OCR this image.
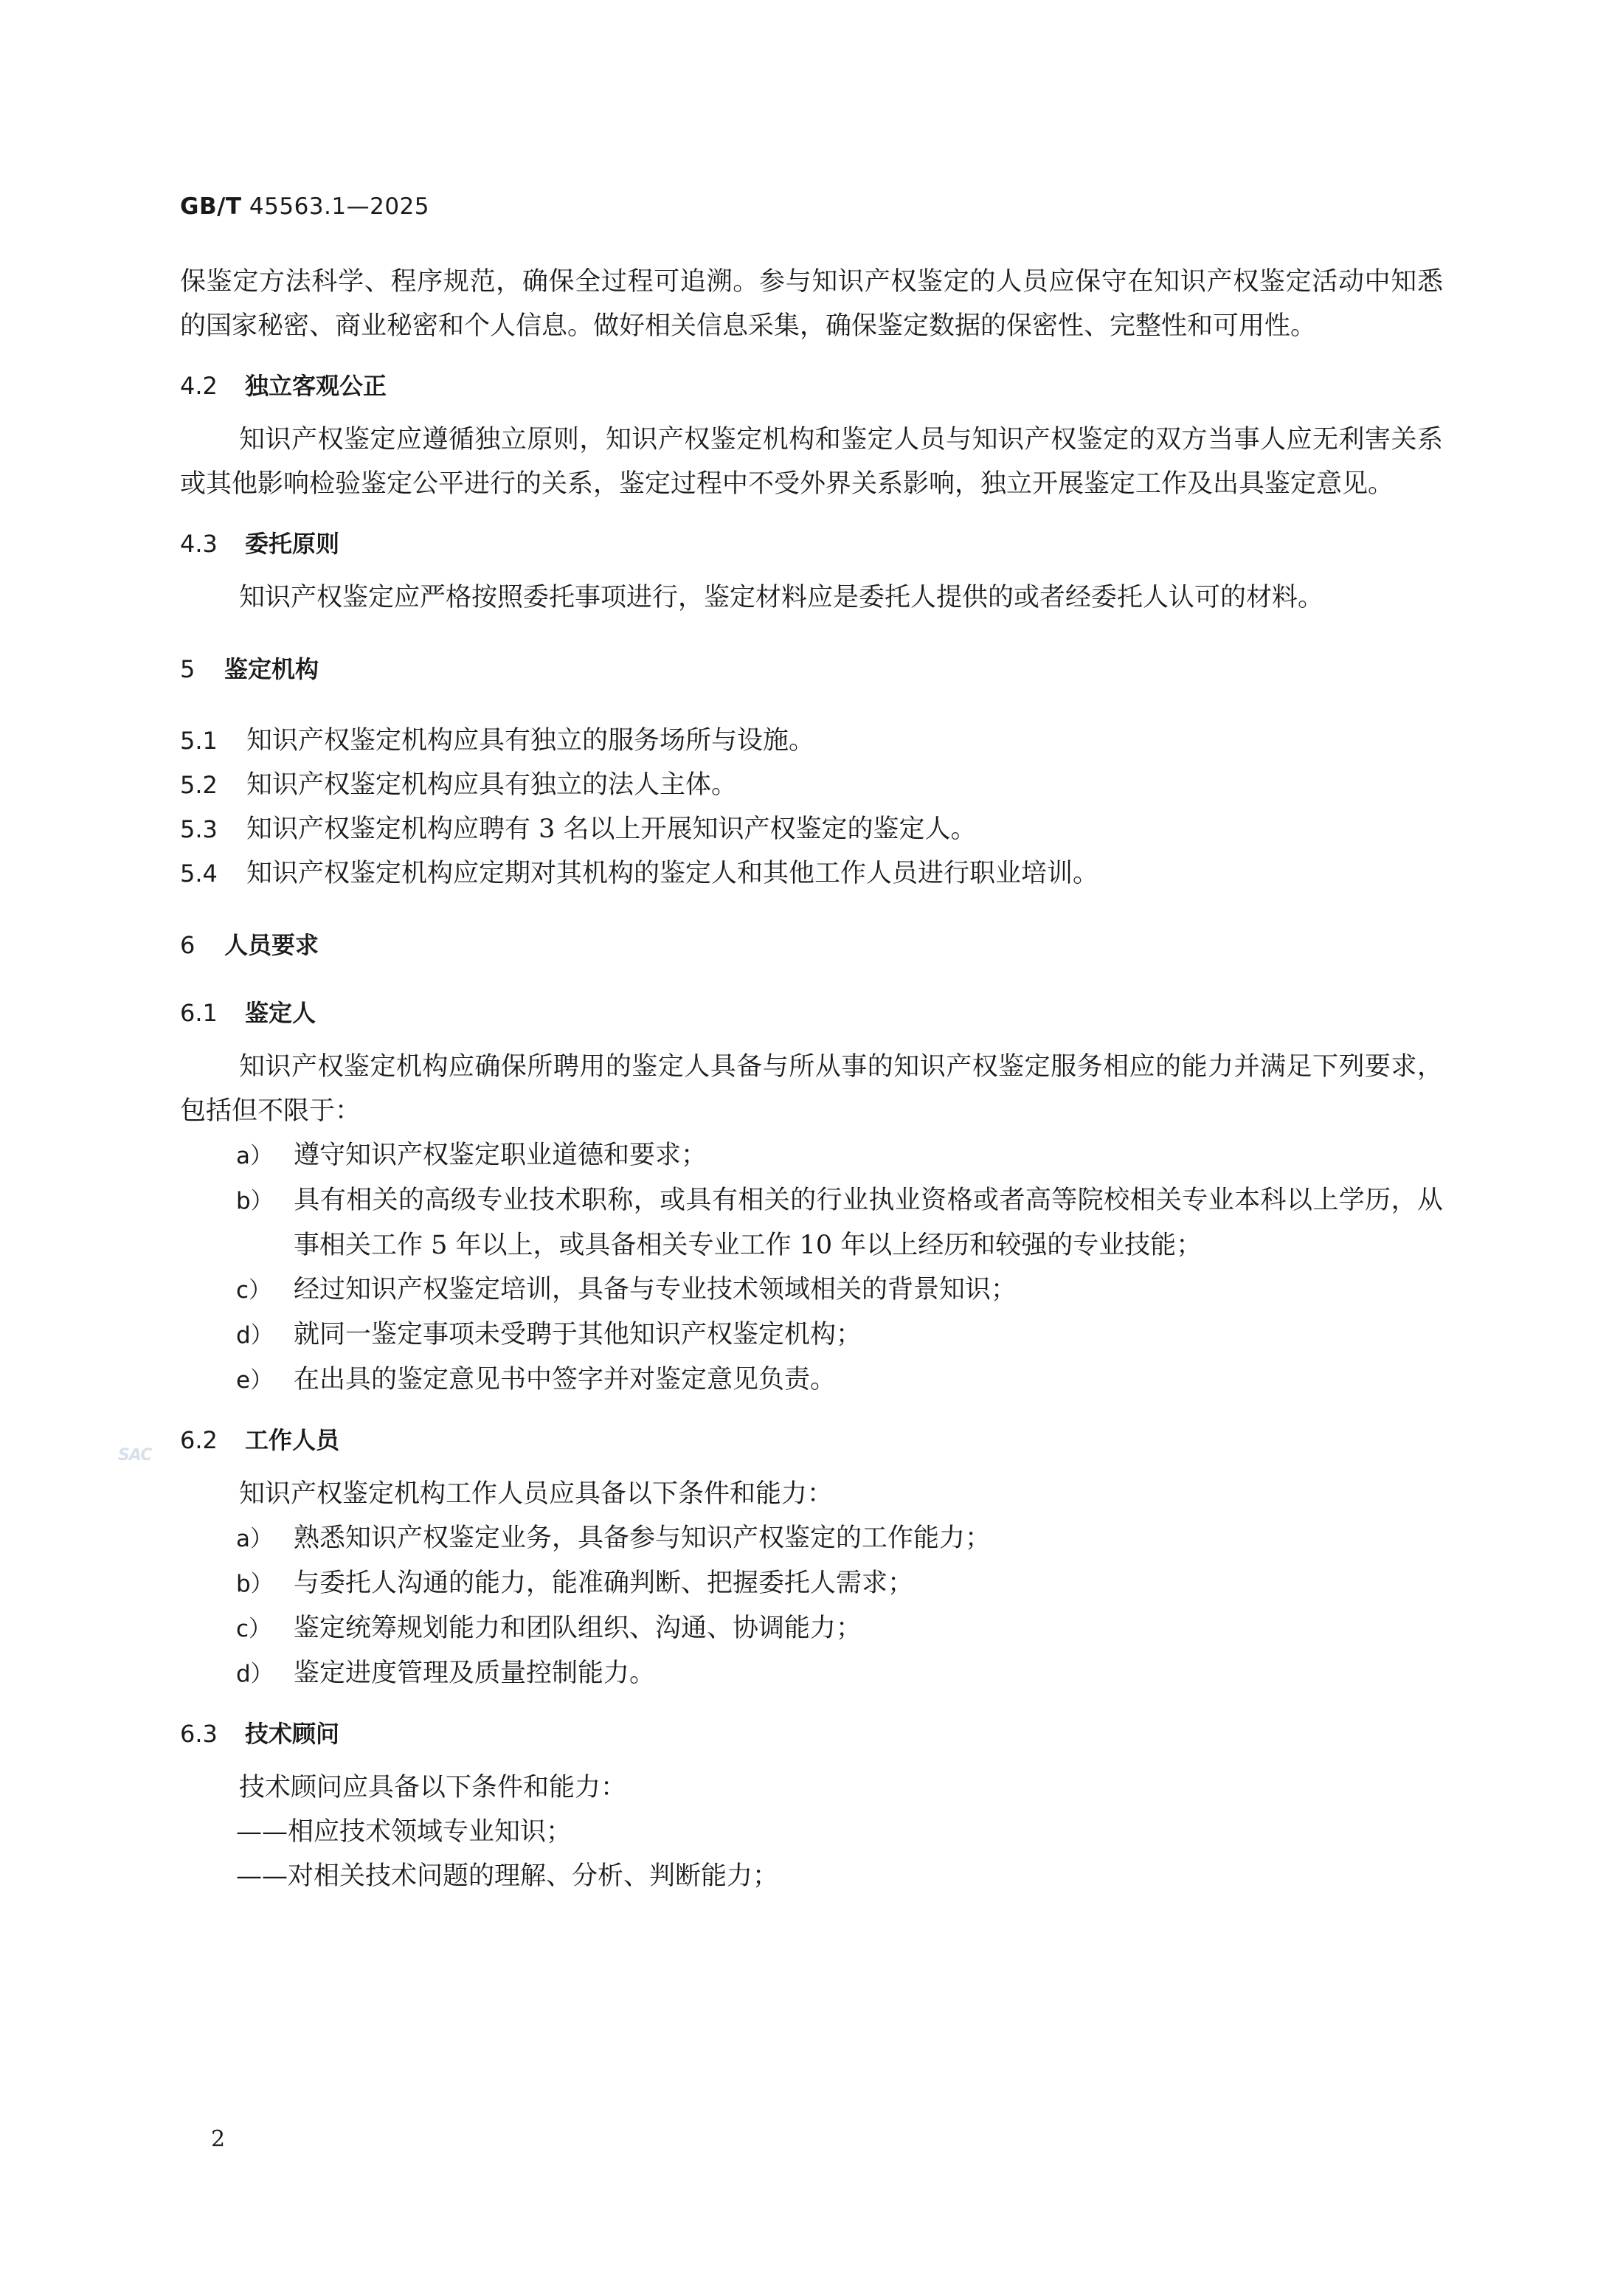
GB/T 45563.1—2025

保鉴定方法科学、程序规范，确保全过程可追溯。参与知识产权鉴定的人员应保守在知识产权鉴定活动中知悉的国家秘密、商业秘密和个人信息。做好相关信息采集，确保鉴定数据的保密性、完整性和可用性。

4.2 独立客观公正

知识产权鉴定应遵循独立原则，知识产权鉴定机构和鉴定人员与知识产权鉴定的双方当事人应无利害关系或其他影响检验鉴定公平进行的关系，鉴定过程中不受外界关系影响，独立开展鉴定工作及出具鉴定意见。

4.3 委托原则

知识产权鉴定应严格按照委托事项进行，鉴定材料应是委托人提供的或者经委托人认可的材料。

5 鉴定机构

5.1 知识产权鉴定机构应具有独立的服务场所与设施。

5.2 知识产权鉴定机构应具有独立的法人主体。

5.3 知识产权鉴定机构应聘有 3 名以上开展知识产权鉴定的鉴定人。

5.4 知识产权鉴定机构应定期对其机构的鉴定人和其他工作人员进行职业培训。

6 人员要求
6.1 鉴定人

知识产权鉴定机构应确保所聘用的鉴定人具备与所从事的知识产权鉴定服务相应的能力并满足下列要求，包括但不限于：

a） 遵守知识产权鉴定职业道德和要求；

b） 具有相关的高级专业技术职称，或具有相关的行业执业资格或者高等院校相关专业本科以上学历，从事相关工作 5 年以上，或具备相关专业工作 10 年以上经历和较强的专业技能；

c） 经过知识产权鉴定培训，具备与专业技术领域相关的背景知识；

d） 就同一鉴定事项未受聘于其他知识产权鉴定机构；

e） 在出具的鉴定意见书中签字并对鉴定意见负责。

6.2 工作人员

知识产权鉴定机构工作人员应具备以下条件和能力：

a） 熟悉知识产权鉴定业务，具备参与知识产权鉴定的工作能力；

b） 与委托人沟通的能力，能准确判断、把握委托人需求；

c） 鉴定统筹规划能力和团队组织、沟通、协调能力；

d） 鉴定进度管理及质量控制能力。

6.3 技术顾问

技术顾问应具备以下条件和能力：

——相应技术领域专业知识；

——对相关技术问题的理解、分析、判断能力；

SAC
2
